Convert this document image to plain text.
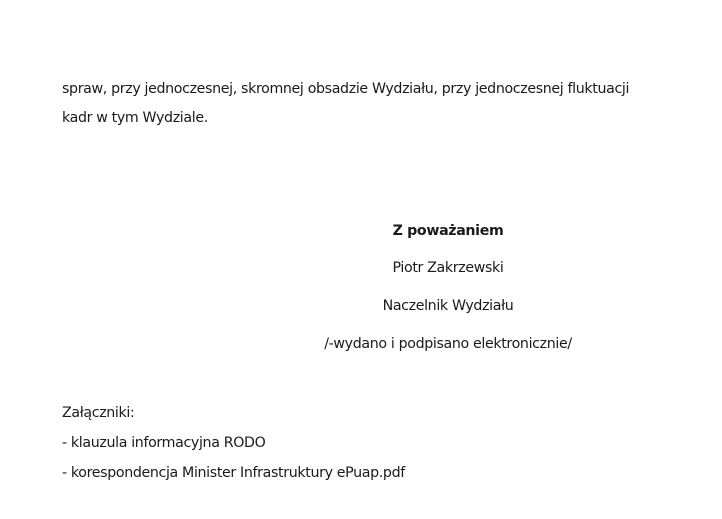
spraw, przy jednoczesnej, skromnej obsadzie Wydziału, przy jednoczesnej fluktuacji
kadr w tym Wydziale.
Z poważaniem
Piotr Zakrzewski
Naczelnik Wydziału
/-wydano i podpisano elektronicznie/
Załączniki:
- klauzula informacyjna RODO
- korespondencja Minister Infrastruktury ePuap.pdf
